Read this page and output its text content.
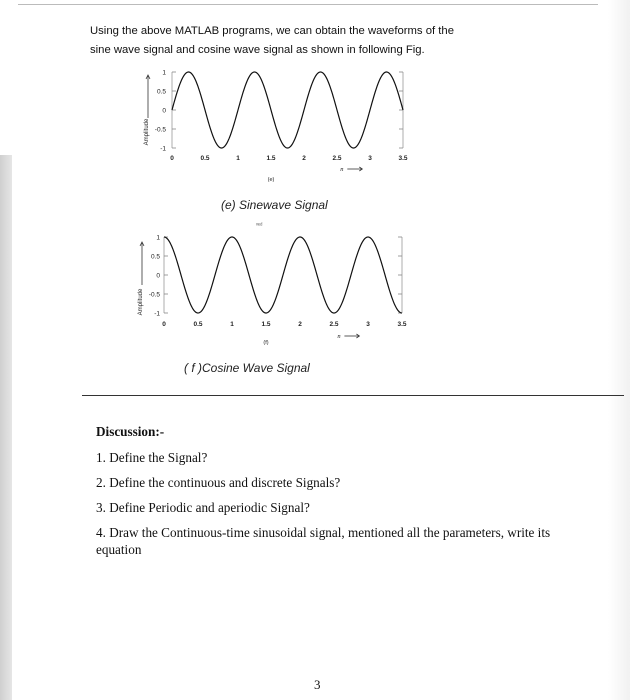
Using the above MATLAB programs, we can obtain the waveforms of the
sine wave signal and cosine wave signal as shown in following Fig.
1
0.5
0
-0.5
-1
0	0.5	1	1.5	2	2.5	3	3.5
Amplitude
n
(e)
(e) Sinewave Signal
1
0.5
0
-0.5
-1
0	0.5	1	1.5	2	2.5	3	3.5
Amplitude
n
(f)
ᵛᵉᵈ
( f )Cosine Wave Signal
Discussion:-
1. Define the Signal?
2. Define the continuous and discrete Signals?
3. Define Periodic and aperiodic Signal?
4. Draw the Continuous-time sinusoidal signal, mentioned all the parameters, write its equation
3
